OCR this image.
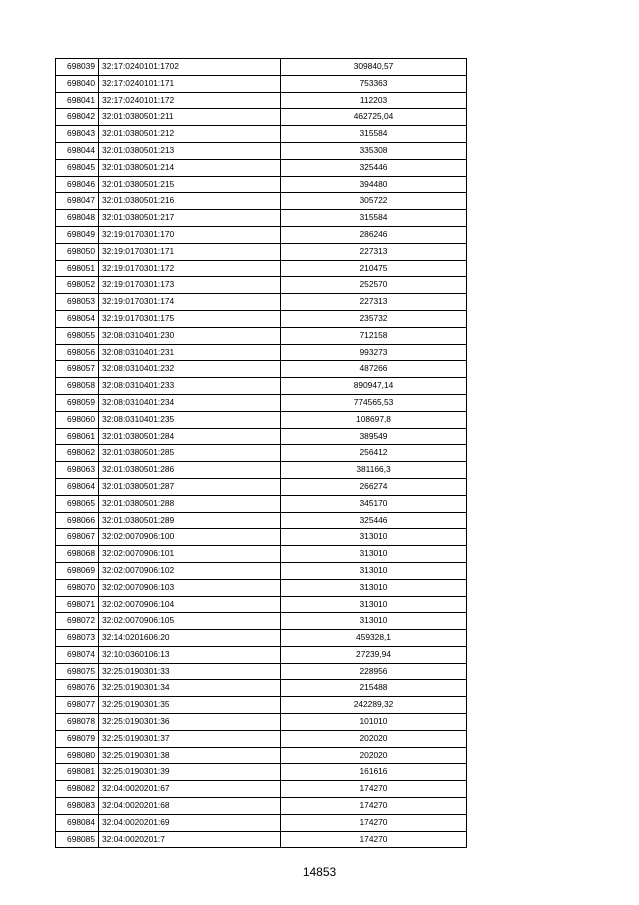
698039	32:17:0240101:1702	309840,57
698040	32:17:0240101:171	753363
698041	32:17:0240101:172	112203
698042	32:01:0380501:211	462725,04
698043	32:01:0380501:212	315584
698044	32:01:0380501:213	335308
698045	32:01:0380501:214	325446
698046	32:01:0380501:215	394480
698047	32:01:0380501:216	305722
698048	32:01:0380501:217	315584
698049	32:19:0170301:170	286246
698050	32:19:0170301:171	227313
698051	32:19:0170301:172	210475
698052	32:19:0170301:173	252570
698053	32:19:0170301:174	227313
698054	32:19:0170301:175	235732
698055	32:08:0310401:230	712158
698056	32:08:0310401:231	993273
698057	32:08:0310401:232	487266
698058	32:08:0310401:233	890947,14
698059	32:08:0310401:234	774565,53
698060	32:08:0310401:235	108697,8
698061	32:01:0380501:284	389549
698062	32:01:0380501:285	256412
698063	32:01:0380501:286	381166,3
698064	32:01:0380501:287	266274
698065	32:01:0380501:288	345170
698066	32:01:0380501:289	325446
698067	32:02:0070906:100	313010
698068	32:02:0070906:101	313010
698069	32:02:0070906:102	313010
698070	32:02:0070906:103	313010
698071	32:02:0070906:104	313010
698072	32:02:0070906:105	313010
698073	32:14:0201606:20	459328,1
698074	32:10:0360106:13	27239,94
698075	32:25:0190301:33	228956
698076	32:25:0190301:34	215488
698077	32:25:0190301:35	242289,32
698078	32:25:0190301:36	101010
698079	32:25:0190301:37	202020
698080	32:25:0190301:38	202020
698081	32:25:0190301:39	161616
698082	32:04:0020201:67	174270
698083	32:04:0020201:68	174270
698084	32:04:0020201:69	174270
698085	32:04:0020201:7	174270
14853
